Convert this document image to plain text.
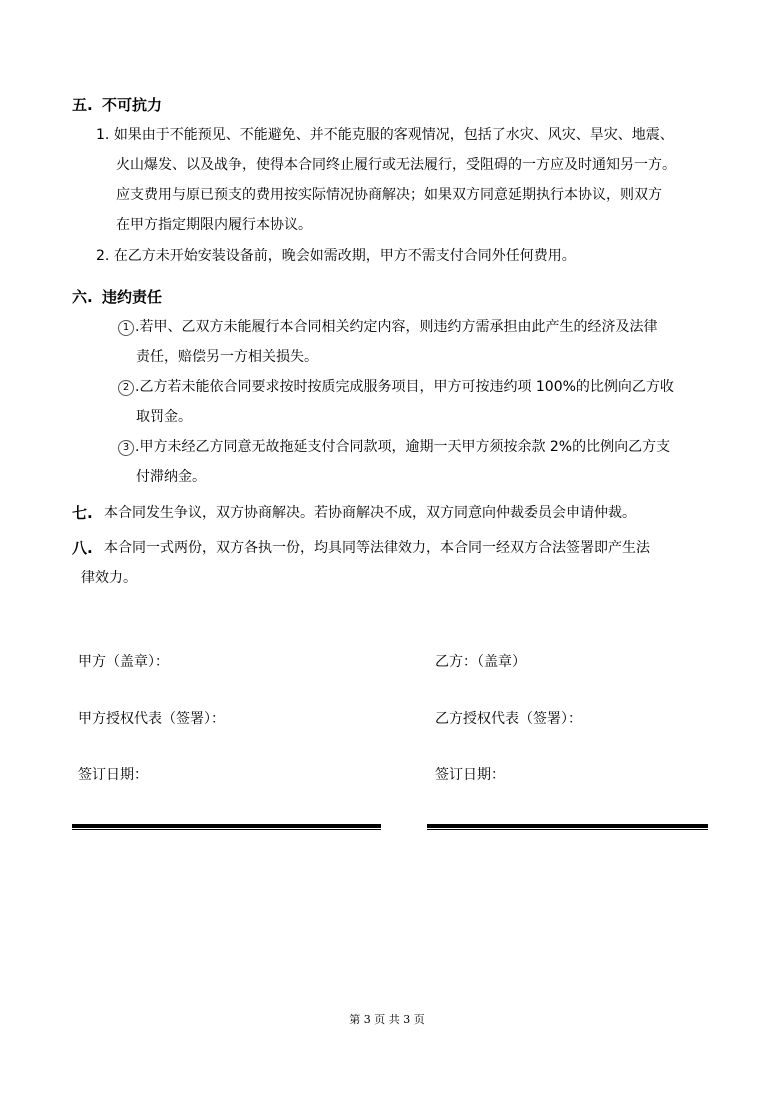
五. 不可抗力
1. 如果由于不能预见、不能避免、并不能克服的客观情况，包括了水灾、风灾、旱灾、地震、
火山爆发、以及战争，使得本合同终止履行或无法履行，受阻碍的一方应及时通知另一方。
应支费用与原已预支的费用按实际情况协商解决；如果双方同意延期执行本协议，则双方
在甲方指定期限内履行本协议。
2. 在乙方未开始安装设备前，晚会如需改期，甲方不需支付合同外任何费用。
六. 违约责任
1 .若甲、乙双方未能履行本合同相关约定内容，则违约方需承担由此产生的经济及法律
责任，赔偿另一方相关损失。
2 .乙方若未能依合同要求按时按质完成服务项目，甲方可按违约项 100%的比例向乙方收
取罚金。
3 .甲方未经乙方同意无故拖延支付合同款项，逾期一天甲方须按余款 2%的比例向乙方支
付滞纳金。
七. 本合同发生争议，双方协商解决。若协商解决不成，双方同意向仲裁委员会申请仲裁。
八. 本合同一式两份，双方各执一份，均具同等法律效力，本合同一经双方合法签署即产生法
律效力。
甲方（盖章）：	乙方：（盖章）
甲方授权代表（签署）：	乙方授权代表（签署）：
签订日期：	签订日期：
第 3 页 共 3 页
